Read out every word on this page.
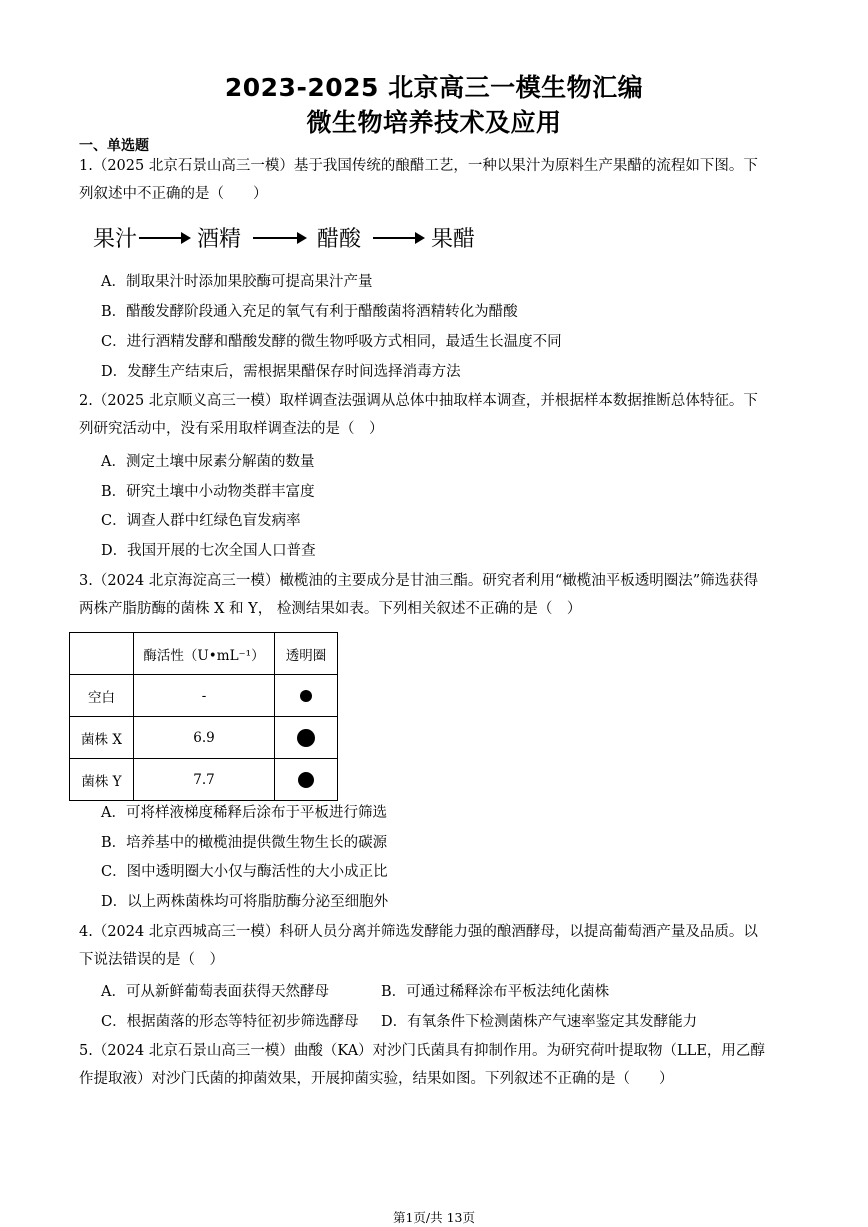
2023-2025 北京高三一模生物汇编
微生物培养技术及应用
一、单选题
1.（2025 北京石景山高三一模）基于我国传统的酿醋工艺，一种以果汁为原料生产果醋的流程如下图。下
列叙述中不正确的是（　　）
果汁	酒精	醋酸	果醋
A．制取果汁时添加果胶酶可提高果汁产量
B．醋酸发酵阶段通入充足的氧气有利于醋酸菌将酒精转化为醋酸
C．进行酒精发酵和醋酸发酵的微生物呼吸方式相同，最适生长温度不同
D．发酵生产结束后，需根据果醋保存时间选择消毒方法
2.（2025 北京顺义高三一模）取样调查法强调从总体中抽取样本调查，并根据样本数据推断总体特征。下
列研究活动中，没有采用取样调查法的是（　）
A．测定土壤中尿素分解菌的数量
B．研究土壤中小动物类群丰富度
C．调查人群中红绿色盲发病率
D．我国开展的七次全国人口普查
3.（2024 北京海淀高三一模）橄榄油的主要成分是甘油三酯。研究者利用“橄榄油平板透明圈法”筛选获得
两株产脂肪酶的菌株 X 和 Y， 检测结果如表。下列相关叙述不正确的是（　）
	酶活性（U•mL⁻¹）	透明圈
空白	-	
菌株 X	6.9	
菌株 Y	7.7	
A．可将样液梯度稀释后涂布于平板进行筛选
B．培养基中的橄榄油提供微生物生长的碳源
C．图中透明圈大小仅与酶活性的大小成正比
D．以上两株菌株均可将脂肪酶分泌至细胞外
4.（2024 北京西城高三一模）科研人员分离并筛选发酵能力强的酿酒酵母，以提高葡萄酒产量及品质。以
下说法错误的是（　）
A．可从新鲜葡萄表面获得天然酵母	B．可通过稀释涂布平板法纯化菌株
C．根据菌落的形态等特征初步筛选酵母 D．有氧条件下检测菌株产气速率鉴定其发酵能力
5.（2024 北京石景山高三一模）曲酸（KA）对沙门氏菌具有抑制作用。为研究荷叶提取物（LLE，用乙醇
作提取液）对沙门氏菌的抑菌效果，开展抑菌实验，结果如图。下列叙述不正确的是（　　）
第1页/共 13页
